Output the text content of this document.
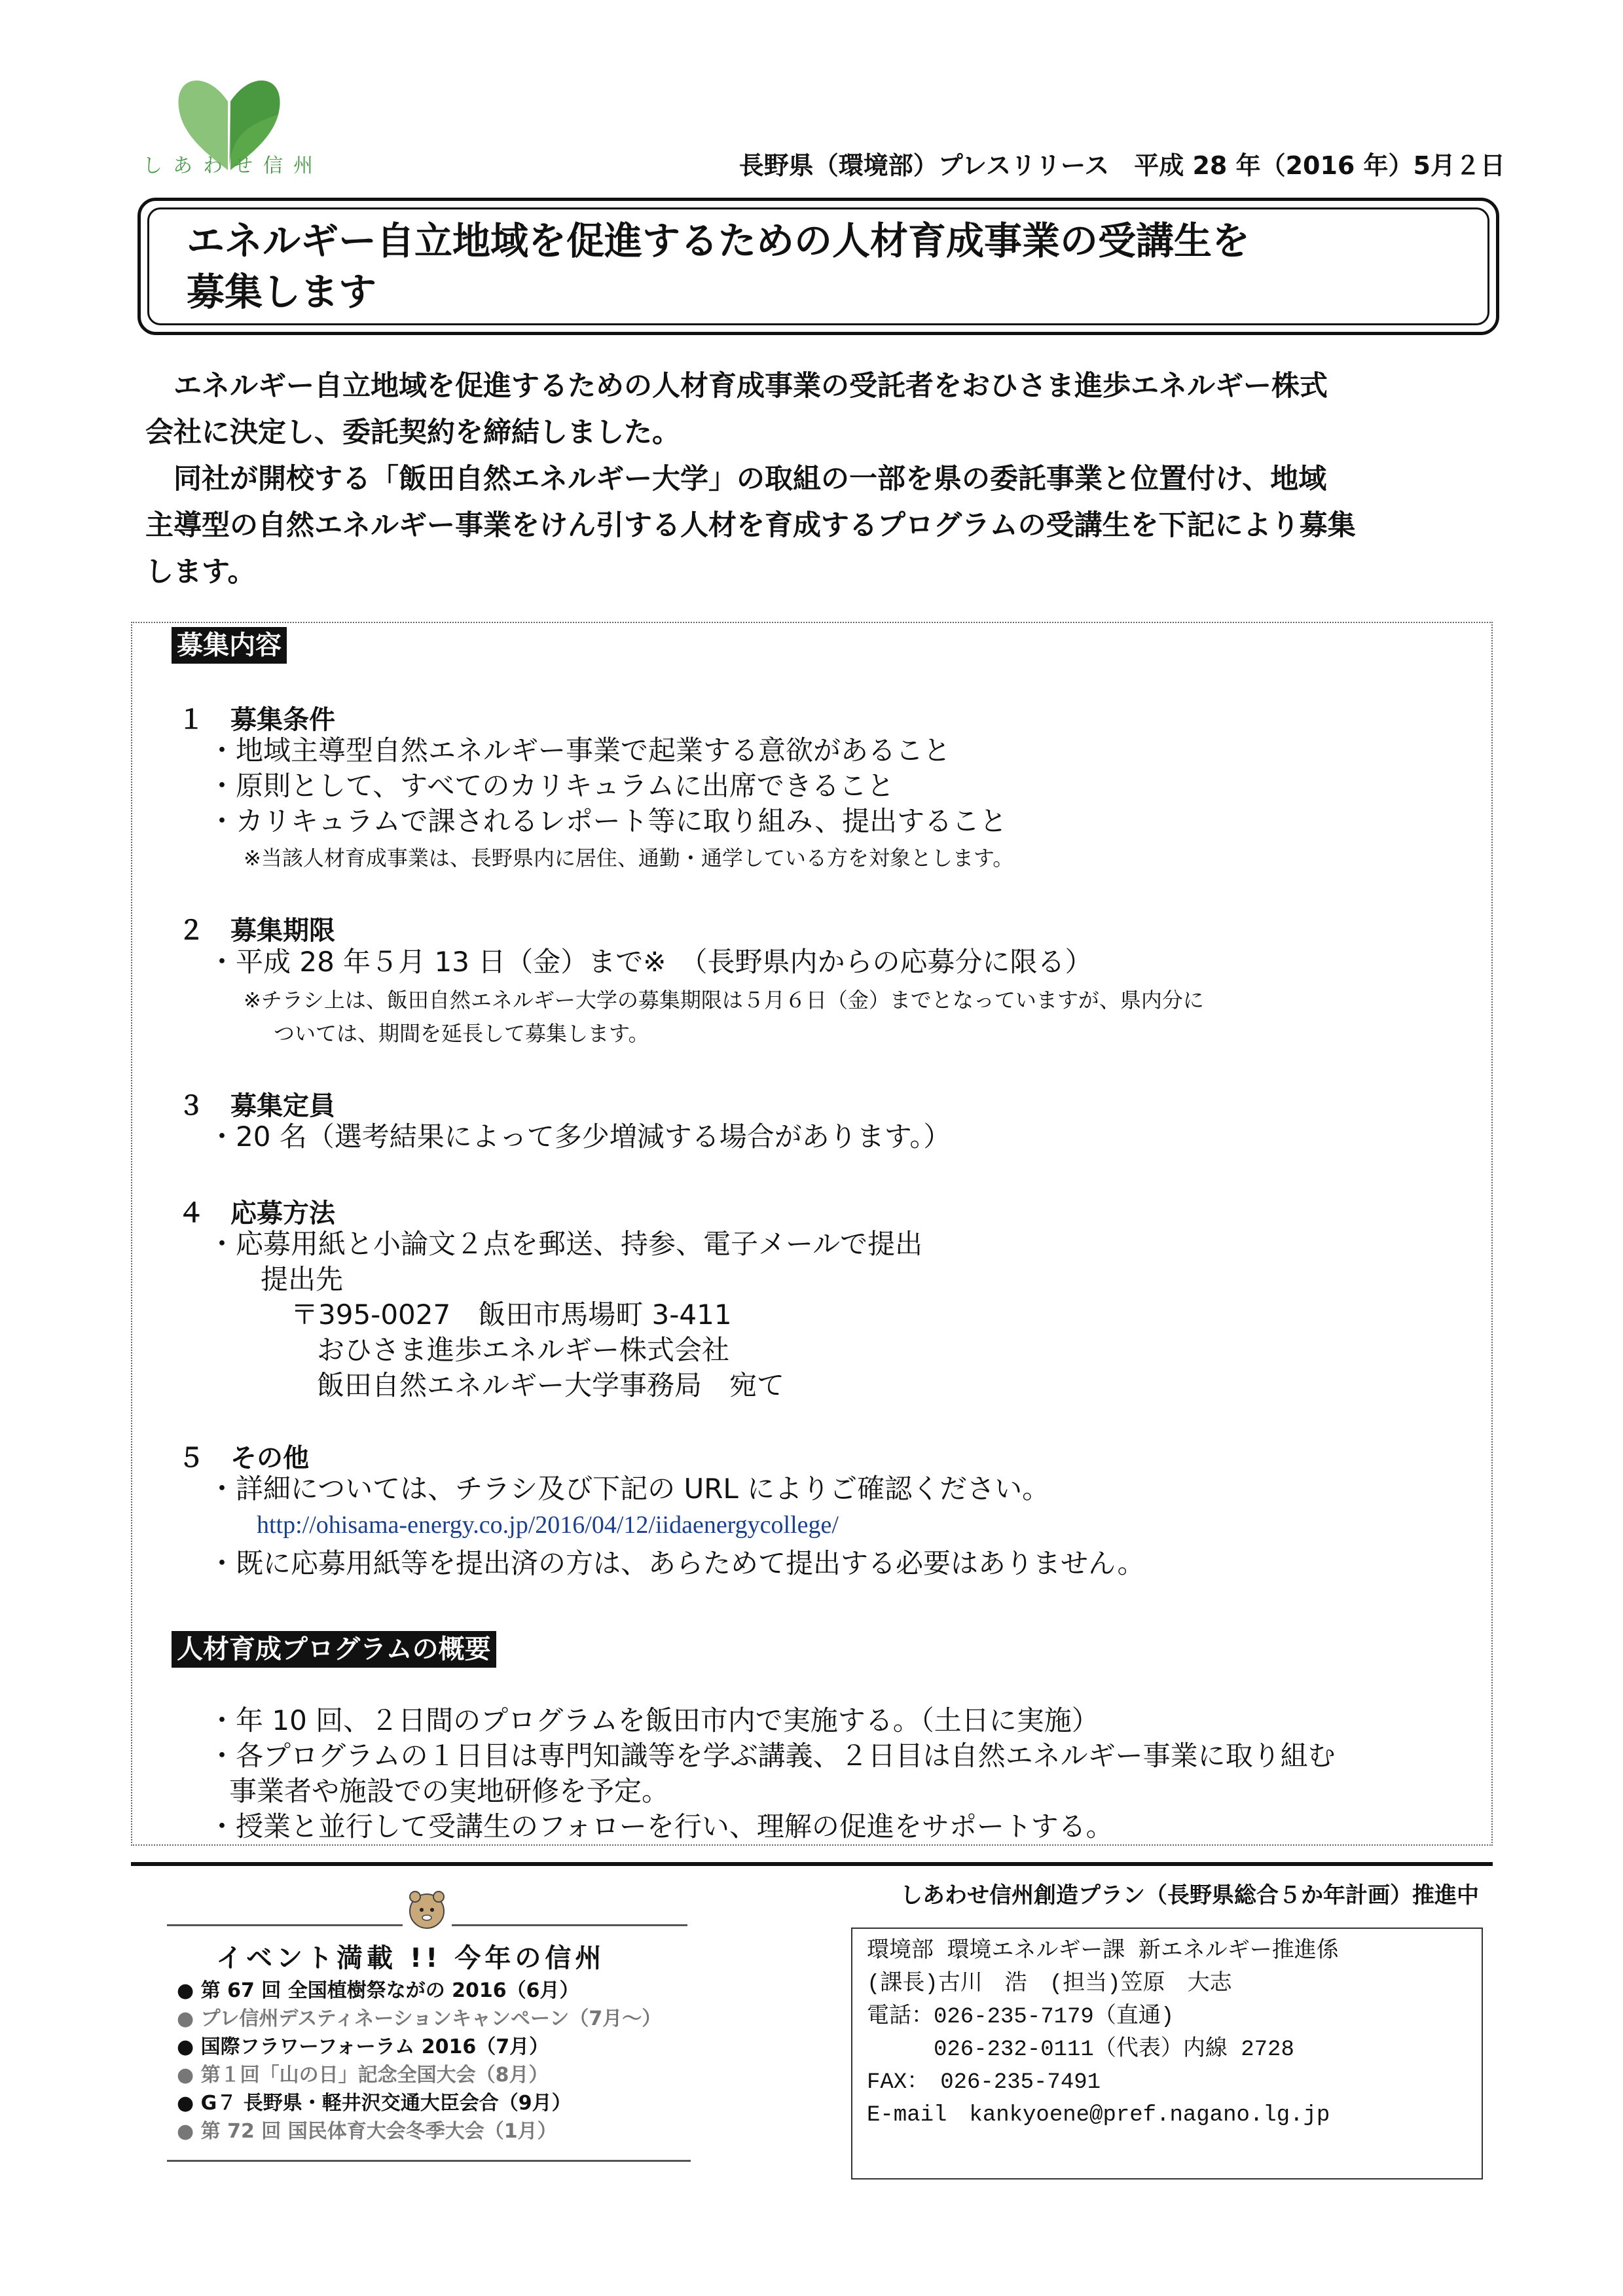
しあわせ信州	長野県（環境部）プレスリリース　平成 28 年（2016 年）5月２日
エネルギー自立地域を促進するための人材育成事業の受講生を
募集します

　エネルギー自立地域を促進するための人材育成事業の受託者をおひさま進歩エネルギー株式

会社に決定し、委託契約を締結しました。

　同社が開校する「飯田自然エネルギー大学」の取組の一部を県の委託事業と位置付け、地域

主導型の自然エネルギー事業をけん引する人材を育成するプログラムの受講生を下記により募集

します。

募集内容
１　募集条件
・地域主導型自然エネルギー事業で起業する意欲があること
・原則として、すべてのカリキュラムに出席できること
・カリキュラムで課されるレポート等に取り組み、提出すること
※当該人材育成事業は、長野県内に居住、通勤・通学している方を対象とします。
２　募集期限
・平成 28 年５月 13 日（金）まで※　（長野県内からの応募分に限る）
※チラシ上は、飯田自然エネルギー大学の募集期限は５月６日（金）までとなっていますが、県内分に
ついては、期間を延長して募集します。
３　募集定員
・20 名（選考結果によって多少増減する場合があります。）
４　応募方法
・応募用紙と小論文２点を郵送、持参、電子メールで提出
提出先
〒395-0027　飯田市馬場町 3-411
おひさま進歩エネルギー株式会社
飯田自然エネルギー大学事務局　宛て
５　その他
・詳細については、チラシ及び下記の URL によりご確認ください。
http://ohisama-energy.co.jp/2016/04/12/iidaenergycollege/
・既に応募用紙等を提出済の方は、あらためて提出する必要はありません。
人材育成プログラムの概要
・年 10 回、２日間のプログラムを飯田市内で実施する。（土日に実施）
・各プログラムの１日目は専門知識等を学ぶ講義、２日目は自然エネルギー事業に取り組む
事業者や施設での実地研修を予定。
・授業と並行して受講生のフォローを行い、理解の促進をサポートする。
しあわせ信州創造プラン（長野県総合５か年計画）推進中
イベント満載 !! 今年の信州
● 第 67 回 全国植樹祭ながの 2016（6月）
● プレ信州デスティネーションキャンペーン（7月～）
● 国際フラワーフォーラム 2016（7月）
● 第１回「山の日」記念全国大会（8月）
● G７ 長野県・軽井沢交通大臣会合（9月）
● 第 72 回 国民体育大会冬季大会（1月）
環境部 環境エネルギー課 新エネルギー推進係
(課長)古川　浩　(担当)笠原　大志
電話：026-235-7179（直通)
　　　026-232-0111（代表）内線 2728
FAX：　026-235-7491
E-mail　kankyoene@pref.nagano.lg.jp
